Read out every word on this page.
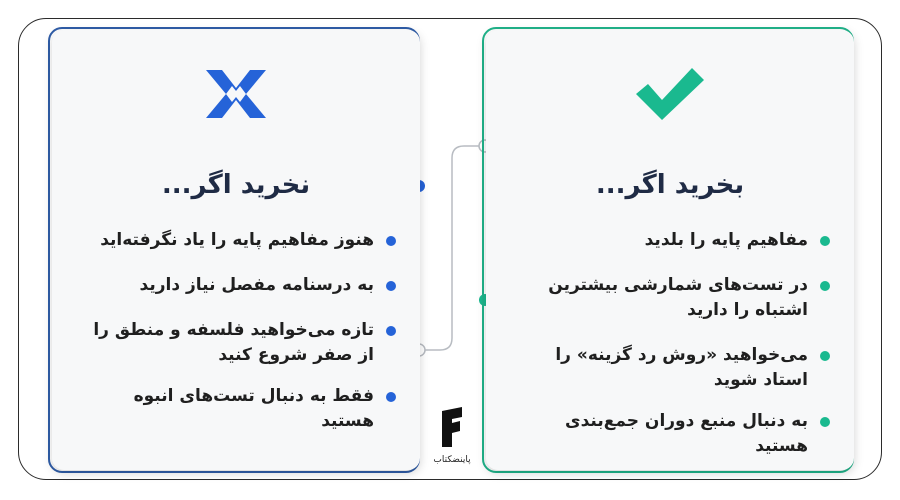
نخرید اگر...
هنوز مفاهیم پایه را یاد نگرفته‌اید
به درسنامه مفصل نیاز دارید
تازه می‌خواهید فلسفه و منطق را از صفر شروع کنید
فقط به دنبال تست‌های انبوه هستید
بخرید اگر...
مفاهیم پایه را بلدید
در تست‌های شمارشی بیشترین اشتباه را دارید
می‌خواهید «روش رد گزینه» را استاد شوید
به دنبال منبع دوران جمع‌بندی هستید
پاینضکتاب
